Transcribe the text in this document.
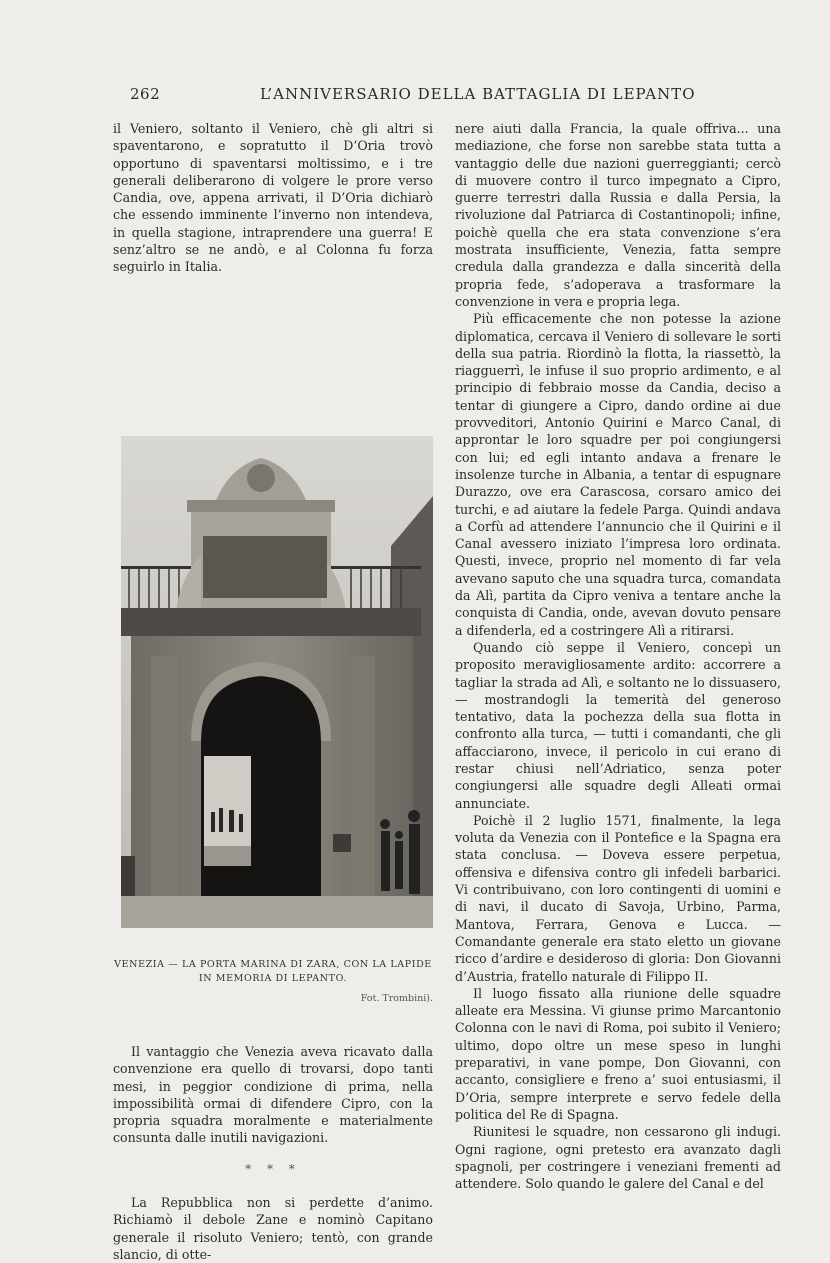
262	L’ANNIVERSARIO DELLA BATTAGLIA DI LEPANTO

il Veniero, soltanto il Veniero, chè gli altri si spaventarono, e sopratutto il D’Oria trovò opportuno di spaventarsi moltissimo, e i tre generali deliberarono di volgere le prore verso Candia, ove, appena arrivati, il D’Oria dichiarò che essendo imminente l’inverno non intendeva, in quella stagione, intraprendere una guerra! E senz’altro se ne andò, e al Colonna fu forza seguirlo in Italia.

VENEZIA — LA PORTA MARINA DI ZARA, CON LA LAPIDE
IN MEMORIA DI LEPANTO.
Fot. Trombini).

Il vantaggio che Venezia aveva ricavato dalla convenzione era quello di trovarsi, dopo tanti mesi, in peggior condizione di prima, nella impossibilità ormai di difendere Cipro, con la propria squadra moralmente e materialmente consunta dalle inutili navigazioni.

* * *

La Repubblica non si perdette d’animo. Richiamò il debole Zane e nominò Capitano generale il risoluto Veniero; tentò, con grande slancio, di otte-

nere aiuti dalla Francia, la quale offriva... una mediazione, che forse non sarebbe stata tutta a vantaggio delle due nazioni guerreggianti; cercò di muovere contro il turco impegnato a Cipro, guerre terrestri dalla Russia e dalla Persia, la rivoluzione dal Patriarca di Costantinopoli; infine, poichè quella che era stata convenzione s’era mostrata insufficiente, Venezia, fatta sempre credula dalla grandezza e dalla sincerità della propria fede, s’adoperava a trasformare la convenzione in vera e propria lega.

Più efficacemente che non potesse la azione diplomatica, cercava il Veniero di sollevare le sorti della sua patria. Riordinò la flotta, la riassettò, la riagguerrì, le infuse il suo proprio ardimento, e al principio di febbraio mosse da Candia, deciso a tentar di giungere a Cipro, dando ordine ai due provveditori, Antonio Quirini e Marco Canal, di approntar le loro squadre per poi congiungersi con lui; ed egli intanto andava a frenare le insolenze turche in Albania, a tentar di espugnare Durazzo, ove era Carascosa, corsaro amico dei turchi, e ad aiutare la fedele Parga. Quindi andava a Corfù ad attendere l’annuncio che il Quirini e il Canal avessero iniziato l’impresa loro ordinata. Questi, invece, proprio nel momento di far vela avevano saputo che una squadra turca, comandata da Alì, partita da Cipro veniva a tentare anche la conquista di Candia, onde, avevan dovuto pensare a difenderla, ed a costringere Alì a ritirarsi.

Quando ciò seppe il Veniero, concepì un proposito meravigliosamente ardito: accorrere a tagliar la strada ad Alì, e soltanto ne lo dissuasero, — mostrandogli la temerità del generoso tentativo, data la pochezza della sua flotta in confronto alla turca, — tutti i comandanti, che gli affacciarono, invece, il pericolo in cui erano di restar chiusi nell’Adriatico, senza poter congiungersi alle squadre degli Alleati ormai annunciate.

Poichè il 2 luglio 1571, finalmente, la lega voluta da Venezia con il Pontefice e la Spagna era stata conclusa. — Doveva essere perpetua, offensiva e difensiva contro gli infedeli barbarici. Vi contribuivano, con loro contingenti di uomini e di navi, il ducato di Savoja, Urbino, Parma, Mantova, Ferrara, Genova e Lucca. — Comandante generale era stato eletto un giovane ricco d’ardire e desideroso di gloria: Don Giovanni d’Austria, fratello naturale di Filippo II.

Il luogo fissato alla riunione delle squadre alleate era Messina. Vi giunse primo Marcantonio Colonna con le navi di Roma, poi subito il Veniero; ultimo, dopo oltre un mese speso in lunghi preparativi, in vane pompe, Don Giovanni, con accanto, consigliere e freno a’ suoi entusiasmi, il D’Oria, sempre interprete e servo fedele della politica del Re di Spagna.

Riunitesi le squadre, non cessarono gli indugi. Ogni ragione, ogni pretesto era avanzato dagli spagnoli, per costringere i veneziani frementi ad attendere. Solo quando le galere del Canal e del
